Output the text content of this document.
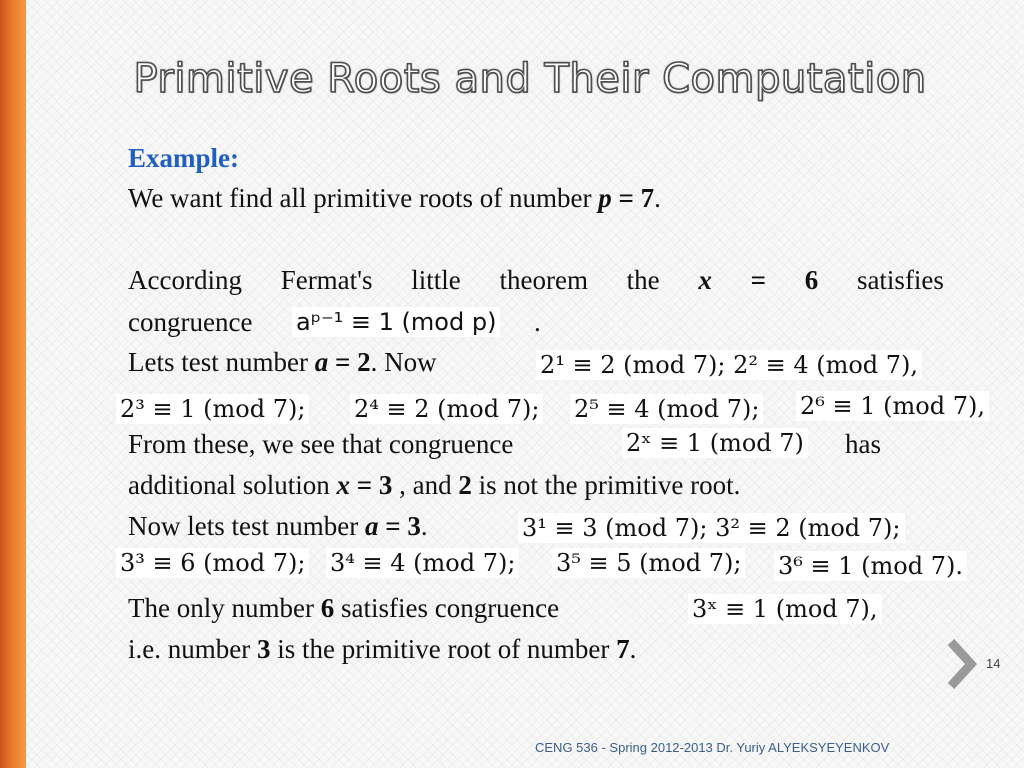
Primitive Roots and Their Computation
Example:
We want find all primitive roots of number p = 7.
According Fermat's little theorem the x = 6 satisfies
congruence aᵖ⁻¹ ≡ 1 (mod p) .
Lets test number a = 2. Now	2¹ ≡ 2 (mod 7); 2² ≡ 4 (mod 7),
2³ ≡ 1 (mod 7); 2⁴ ≡ 2 (mod 7); 2⁵ ≡ 4 (mod 7); 2⁶ ≡ 1 (mod 7),
From these, we see that congruence	2ˣ ≡ 1 (mod 7) has
additional solution x = 3 , and 2 is not the primitive root.
Now lets test number a = 3.	3¹ ≡ 3 (mod 7); 3² ≡ 2 (mod 7);
3³ ≡ 6 (mod 7); 3⁴ ≡ 4 (mod 7); 3⁵ ≡ 5 (mod 7); 3⁶ ≡ 1 (mod 7).
The only number 6 satisfies congruence	3ˣ ≡ 1 (mod 7),
i.e. number 3 is the primitive root of number 7.	14
CENG 536 - Spring 2012-2013 Dr. Yuriy ALYEKSYEYENKOV
